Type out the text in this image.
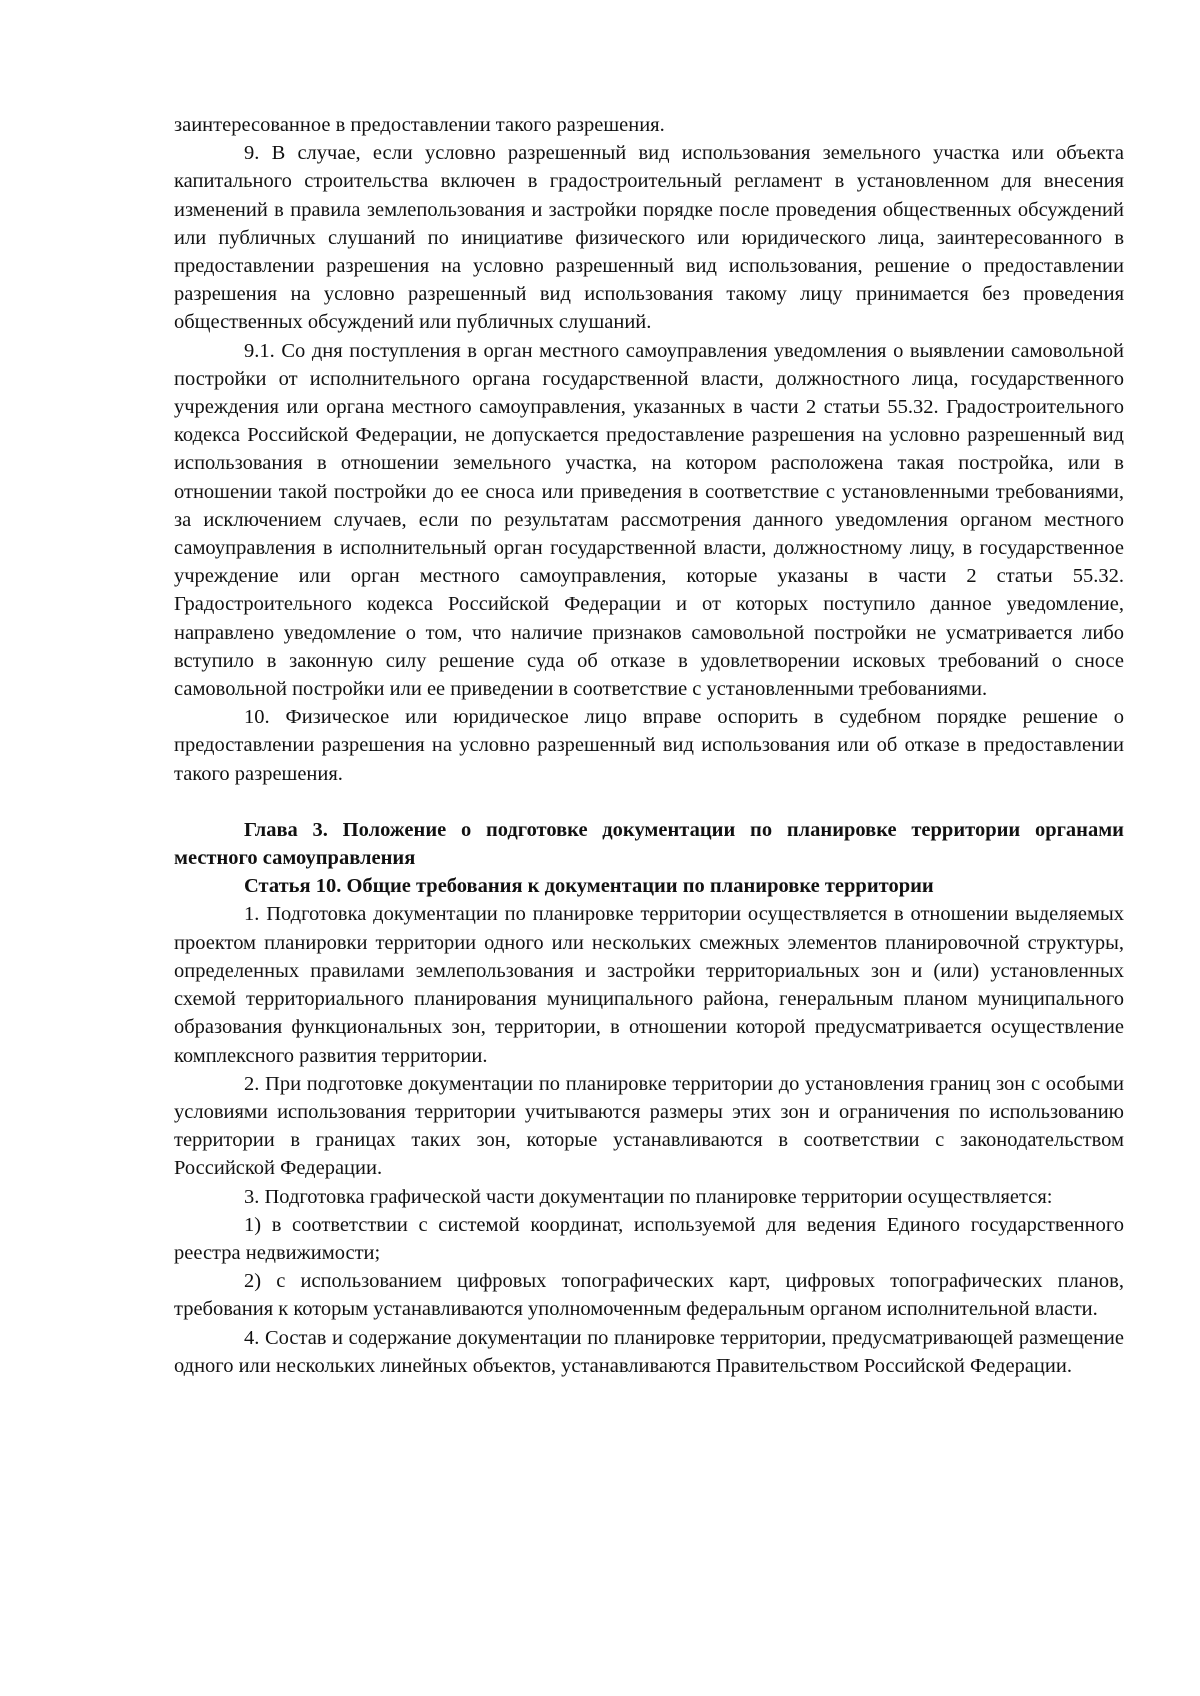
заинтересованное в предоставлении такого разрешения.

9. В случае, если условно разрешенный вид использования земельного участка или объекта капитального строительства включен в градостроительный регламент в установленном для внесения изменений в правила землепользования и застройки порядке после проведения общественных обсуждений или публичных слушаний по инициативе физического или юридического лица, заинтересованного в предоставлении разрешения на условно разрешенный вид использования, решение о предоставлении разрешения на условно разрешенный вид использования такому лицу принимается без проведения общественных обсуждений или публичных слушаний.

9.1. Со дня поступления в орган местного самоуправления уведомления о выявлении самовольной постройки от исполнительного органа государственной власти, должностного лица, государственного учреждения или органа местного самоуправления, указанных в части 2 статьи 55.32. Градостроительного кодекса Российской Федерации, не допускается предоставление разрешения на условно разрешенный вид использования в отношении земельного участка, на котором расположена такая постройка, или в отношении такой постройки до ее сноса или приведения в соответствие с установленными требованиями, за исключением случаев, если по результатам рассмотрения данного уведомления органом местного самоуправления в исполнительный орган государственной власти, должностному лицу, в государственное учреждение или орган местного самоуправления, которые указаны в части 2 статьи 55.32. Градостроительного кодекса Российской Федерации и от которых поступило данное уведомление, направлено уведомление о том, что наличие признаков самовольной постройки не усматривается либо вступило в законную силу решение суда об отказе в удовлетворении исковых требований о сносе самовольной постройки или ее приведении в соответствие с установленными требованиями.

10. Физическое или юридическое лицо вправе оспорить в судебном порядке решение о предоставлении разрешения на условно разрешенный вид использования или об отказе в предоставлении такого разрешения.

Глава 3. Положение о подготовке документации по планировке территории органами местного самоуправления

Статья 10. Общие требования к документации по планировке территории

1. Подготовка документации по планировке территории осуществляется в отношении выделяемых проектом планировки территории одного или нескольких смежных элементов планировочной структуры, определенных правилами землепользования и застройки территориальных зон и (или) установленных схемой территориального планирования муниципального района, генеральным планом муниципального образования функциональных зон, территории, в отношении которой предусматривается осуществление комплексного развития территории.

2. При подготовке документации по планировке территории до установления границ зон с особыми условиями использования территории учитываются размеры этих зон и ограничения по использованию территории в границах таких зон, которые устанавливаются в соответствии с законодательством Российской Федерации.

3. Подготовка графической части документации по планировке территории осуществляется:

1) в соответствии с системой координат, используемой для ведения Единого государственного реестра недвижимости;

2) с использованием цифровых топографических карт, цифровых топографических планов, требования к которым устанавливаются уполномоченным федеральным органом исполнительной власти.

4. Состав и содержание документации по планировке территории, предусматривающей размещение одного или нескольких линейных объектов, устанавливаются Правительством Российской Федерации.
